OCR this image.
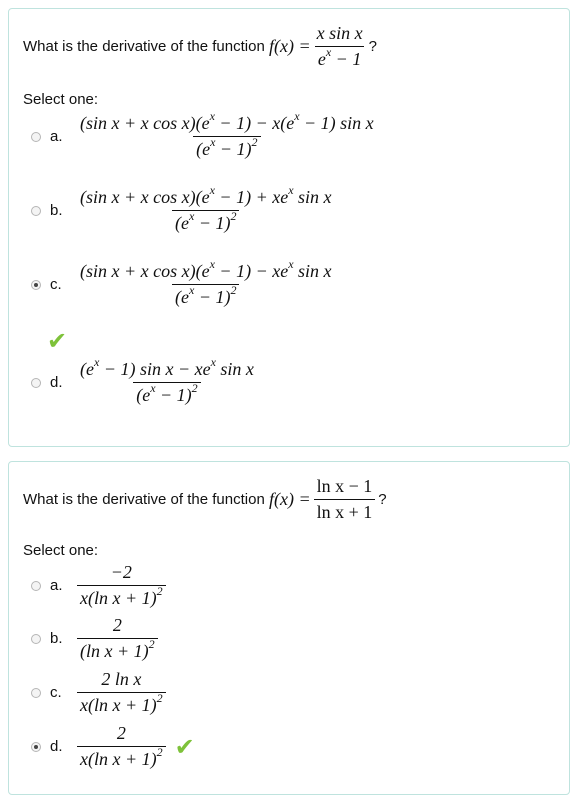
What is the derivative of the function
$f(x) = \frac{\text{x sin x}}{e^x - 1}$ ?
Select one:
a. $\frac{(\sin x + x \cos x)(e^x - 1) - x(e^x - 1) \sin x}{(e^x - 1)^2}$
b. $\frac{(\sin x + x \cos x)(e^x - 1) + xe^x \sin x}{(e^x - 1)^2}$
c. $\frac{(\sin x + x \cos x)(e^x - 1) - xe^x \sin x}{(e^x - 1)^2}$
✔
d. $\frac{(e^x - 1) \sin x - xe^x \sin x}{(e^x - 1)^2}$
What is the derivative of the function
$f(x) = \frac{\text{ln x − 1}}{\text{ln x + 1}}$ ?
Select one:
a. $\frac{-2}{x(\ln x + 1)^2}$
b. $\frac{2}{(\ln x + 1)^2}$
c. $\frac{\text{2 ln x}}{x(\ln x + 1)^2}$
d. $\frac{2}{x(\ln x + 1)^2}$ ✔
